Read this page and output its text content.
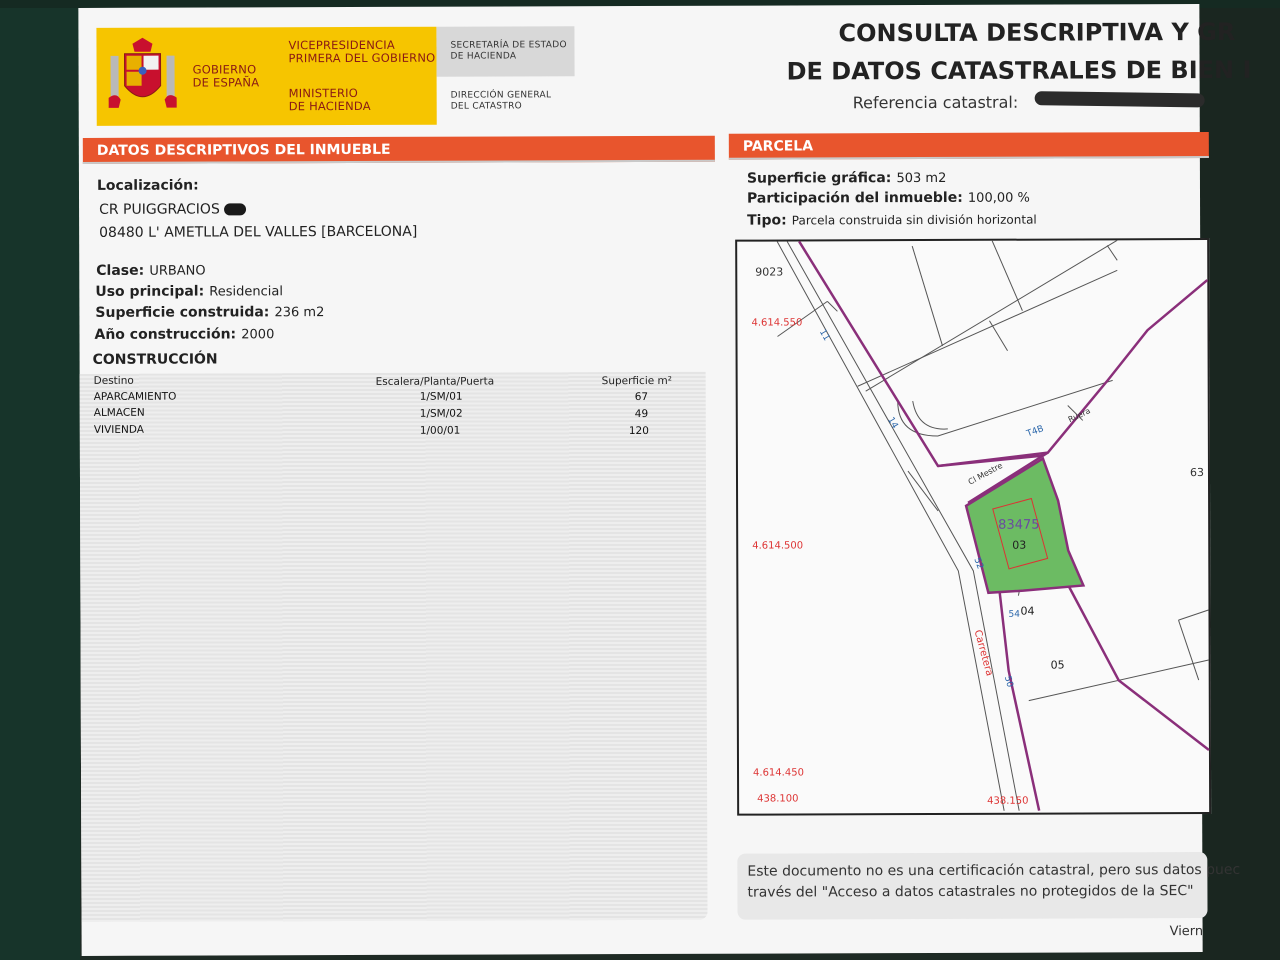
GOBIERNO
DE ESPAÑA
VICEPRESIDENCIA
PRIMERA DEL GOBIERNO
MINISTERIO
DE HACIENDA
SECRETARÍA DE ESTADO
DE HACIENDA
DIRECCIÓN GENERAL
DEL CATASTRO
CONSULTA DESCRIPTIVA Y GR
DE DATOS CATASTRALES DE BIEN I
Referencia catastral:
DATOS DESCRIPTIVOS DEL INMUEBLE
Localización:
CR PUIGGRACIOS
08480 L' AMETLLA DEL VALLES [BARCELONA]
Clase: URBANO
Uso principal: Residencial
Superficie construida: 236 m2
Año construcción: 2000
CONSTRUCCIÓN
Destino	Escalera/Planta/Puerta	Superficie m²
APARCAMIENTO	1/SM/01	67
ALMACEN	1/SM/02	49
VIVIENDA	1/00/01	120
PARCELA
Superficie gráfica: 503 m2
Participación del inmueble: 100,00 %
Tipo: Parcela construida sin división horizontal
4.614.550
4.614.500
4.614.450
438.100	438.150
9023
11
14
T4B
Ruera
Cl Mestre	63
83475
03
52
54 04
Carretera
50
05
Este documento no es una certificación catastral, pero sus datos puec
través del "Acceso a datos catastrales no protegidos de la SEC"
Viern
